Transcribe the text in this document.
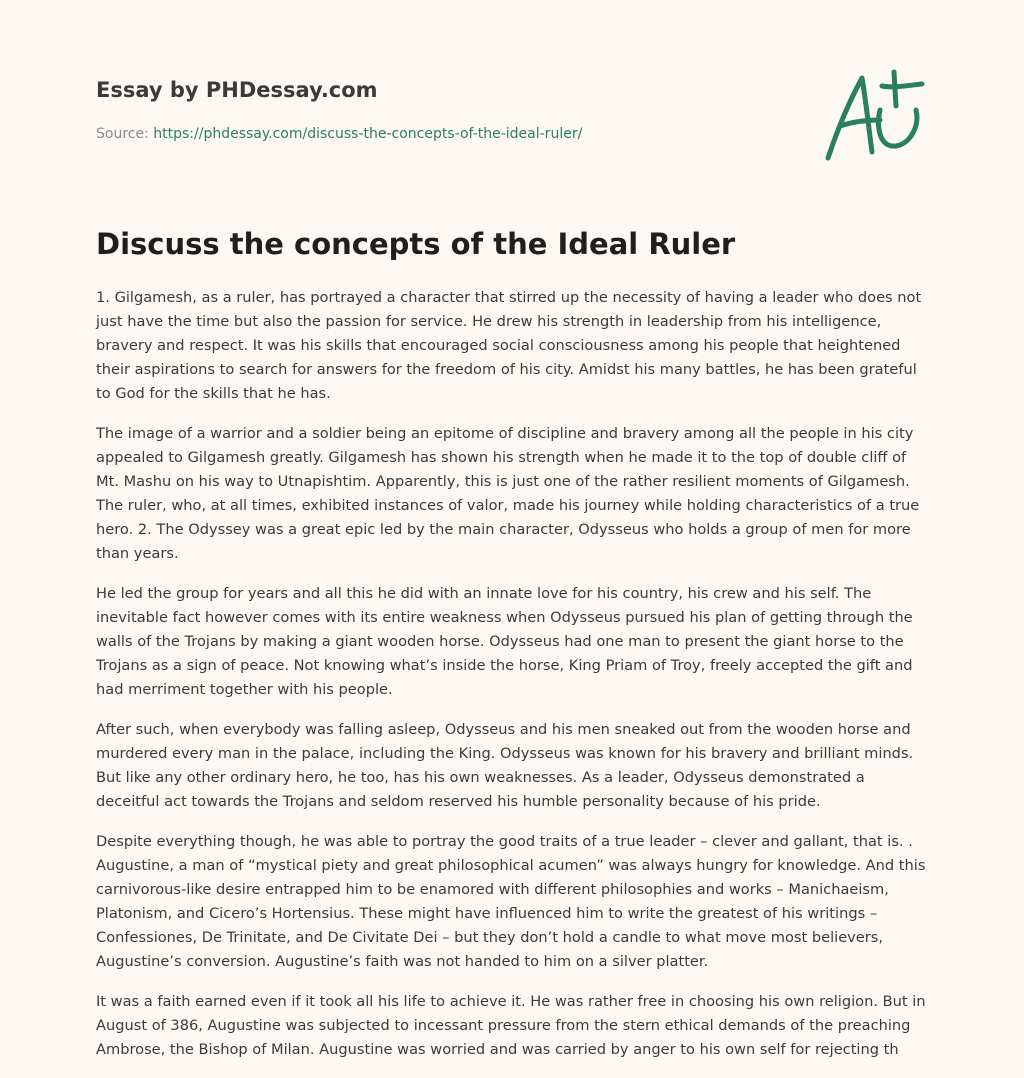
Essay by PHDessay.com
Source: https://phdessay.com/discuss-the-concepts-of-the-ideal-ruler/
Discuss the concepts of the Ideal Ruler

1. Gilgamesh, as a ruler, has portrayed a character that stirred up the necessity of having a leader who does not just have the time but also the passion for service. He drew his strength in leadership from his intelligence, bravery and respect. It was his skills that encouraged social consciousness among his people that heightened their aspirations to search for answers for the freedom of his city. Amidst his many battles, he has been grateful to God for the skills that he has.

The image of a warrior and a soldier being an epitome of discipline and bravery among all the people in his city appealed to Gilgamesh greatly. Gilgamesh has shown his strength when he made it to the top of double cliff of Mt. Mashu on his way to Utnapishtim. Apparently, this is just one of the rather resilient moments of Gilgamesh. The ruler, who, at all times, exhibited instances of valor, made his journey while holding characteristics of a true hero. 2. The Odyssey was a great epic led by the main character, Odysseus who holds a group of men for more than years.

He led the group for years and all this he did with an innate love for his country, his crew and his self. The inevitable fact however comes with its entire weakness when Odysseus pursued his plan of getting through the walls of the Trojans by making a giant wooden horse. Odysseus had one man to present the giant horse to the Trojans as a sign of peace. Not knowing what’s inside the horse, King Priam of Troy, freely accepted the gift and had merriment together with his people.

After such, when everybody was falling asleep, Odysseus and his men sneaked out from the wooden horse and murdered every man in the palace, including the King. Odysseus was known for his bravery and brilliant minds. But like any other ordinary hero, he too, has his own weaknesses. As a leader, Odysseus demonstrated a deceitful act towards the Trojans and seldom reserved his humble personality because of his pride.

Despite everything though, he was able to portray the good traits of a true leader – clever and gallant, that is. . Augustine, a man of “mystical piety and great philosophical acumen” was always hungry for knowledge. And this carnivorous-like desire entrapped him to be enamored with different philosophies and works – Manichaeism, Platonism, and Cicero’s Hortensius. These might have influenced him to write the greatest of his writings – Confessiones, De Trinitate, and De Civitate Dei – but they don’t hold a candle to what move most believers, Augustine’s conversion. Augustine’s faith was not handed to him on a silver platter.

It was a faith earned even if it took all his life to achieve it. He was rather free in choosing his own religion. But in August of 386, Augustine was subjected to incessant pressure from the stern ethical demands of the preaching Ambrose, the Bishop of Milan. Augustine was worried and was carried by anger to his own self for rejecting th
